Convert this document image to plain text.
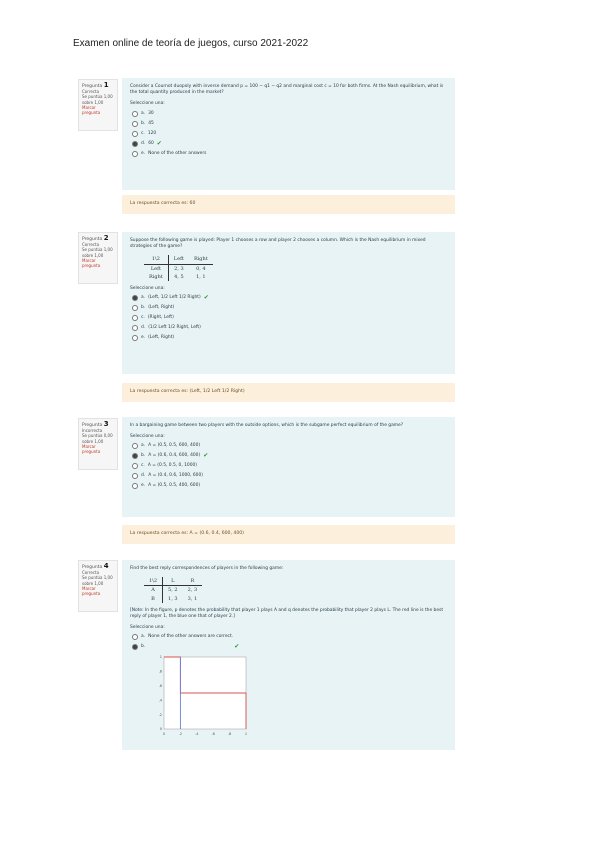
Examen online de teoría de juegos, curso 2021-2022
Pregunta 1
Correcta
Se puntúa 1,00 sobre 1,00
Marcar pregunta
Consider a Cournot duopoly with inverse demand p = 100 − q1 − q2 and marginal cost c = 10 for both firms. At the Nash equilibrium, what is the total quantity produced in the market?
Seleccione una:
a. 30
b. 45
c. 120
d. 60 ✔
e. None of the other answers
La respuesta correcta es: 60
Pregunta 2
Correcta
Se puntúa 1,00 sobre 1,00
Marcar pregunta
Suppose the following game is played: Player 1 chooses a row and player 2 chooses a column. Which is the Nash equilibrium in mixed strategies of the game?
1\2	Left	Right
Left	2, 3	0, 4
Right	4, 5	1, 1
Seleccione una:
a. (Left, 1/2 Left 1/2 Right) ✔
b. (Left, Right)
c. (Right, Left)
d. (1/2 Left 1/2 Right, Left)
e. (Left, Right)
La respuesta correcta es: (Left, 1/2 Left 1/2 Right)
Pregunta 3
Incorrecta
Se puntúa 0,00 sobre 1,00
Marcar pregunta
In a bargaining game between two players with the outside options, which is the subgame perfect equilibrium of the game?
Seleccione una:
a. A = (0.5, 0.5, 600, 400)
b. A = (0.6, 0.4, 600, 400) ✔
c. A = (0.5, 0.5, 0, 1000)
d. A = (0.4, 0.6, 1000, 600)
e. A = (0.5, 0.5, 400, 600)
La respuesta correcta es: A = (0.6, 0.4, 600, 400)
Pregunta 4
Correcta
Se puntúa 1,00 sobre 1,00
Marcar pregunta
Find the best reply correspondences of players in the following game:
1\2	L	R
A	5, 2	2, 3
B	1, 3	3, 1
[Note: In the figure, p denotes the probability that player 1 plays A and q denotes the probability that player 2 plays L. The red line is the best reply of player 1, the blue one that of player 2.]
Seleccione una:
a. None of the other answers are correct.
b.	✔
0	.2	.4	.6	.8	1
0
.2
.4
.6
.8
1
